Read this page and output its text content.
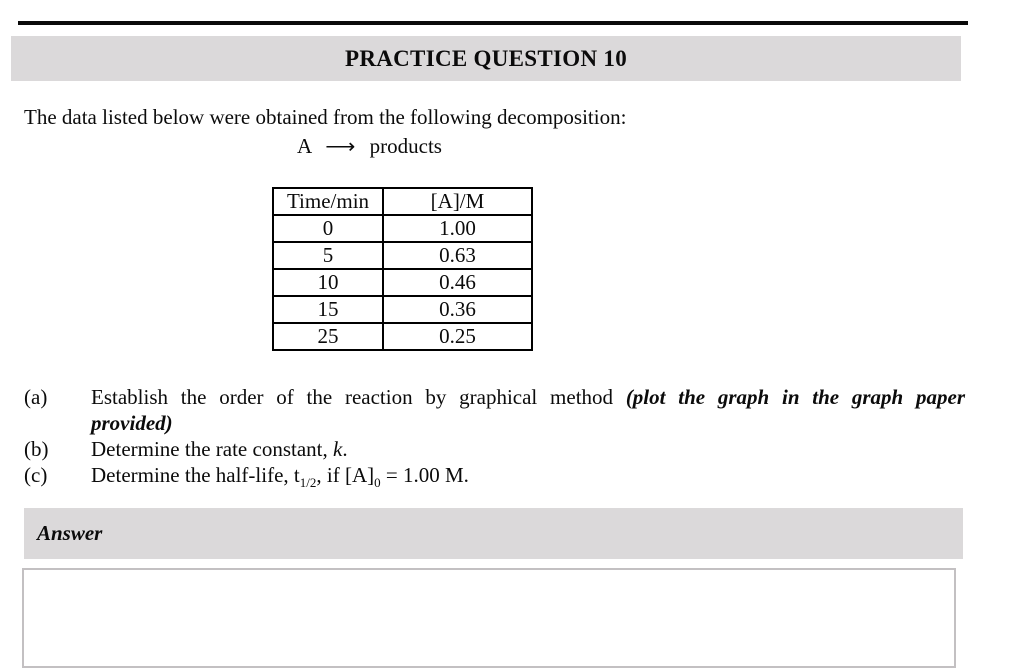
PRACTICE QUESTION 10
The data listed below were obtained from the following decomposition:
A ⟶ products
Time/min	[A]/M
0	1.00
5	0.63
10	0.46
15	0.36
25	0.25
(a)	Establish the order of the reaction by graphical method (plot the graph in the graph paper
provided)
(b)	Determine the rate constant, k.
(c)	Determine the half-life, $t_{1/2}$, if $[A]_0 = 1.00$ M.
Answer
